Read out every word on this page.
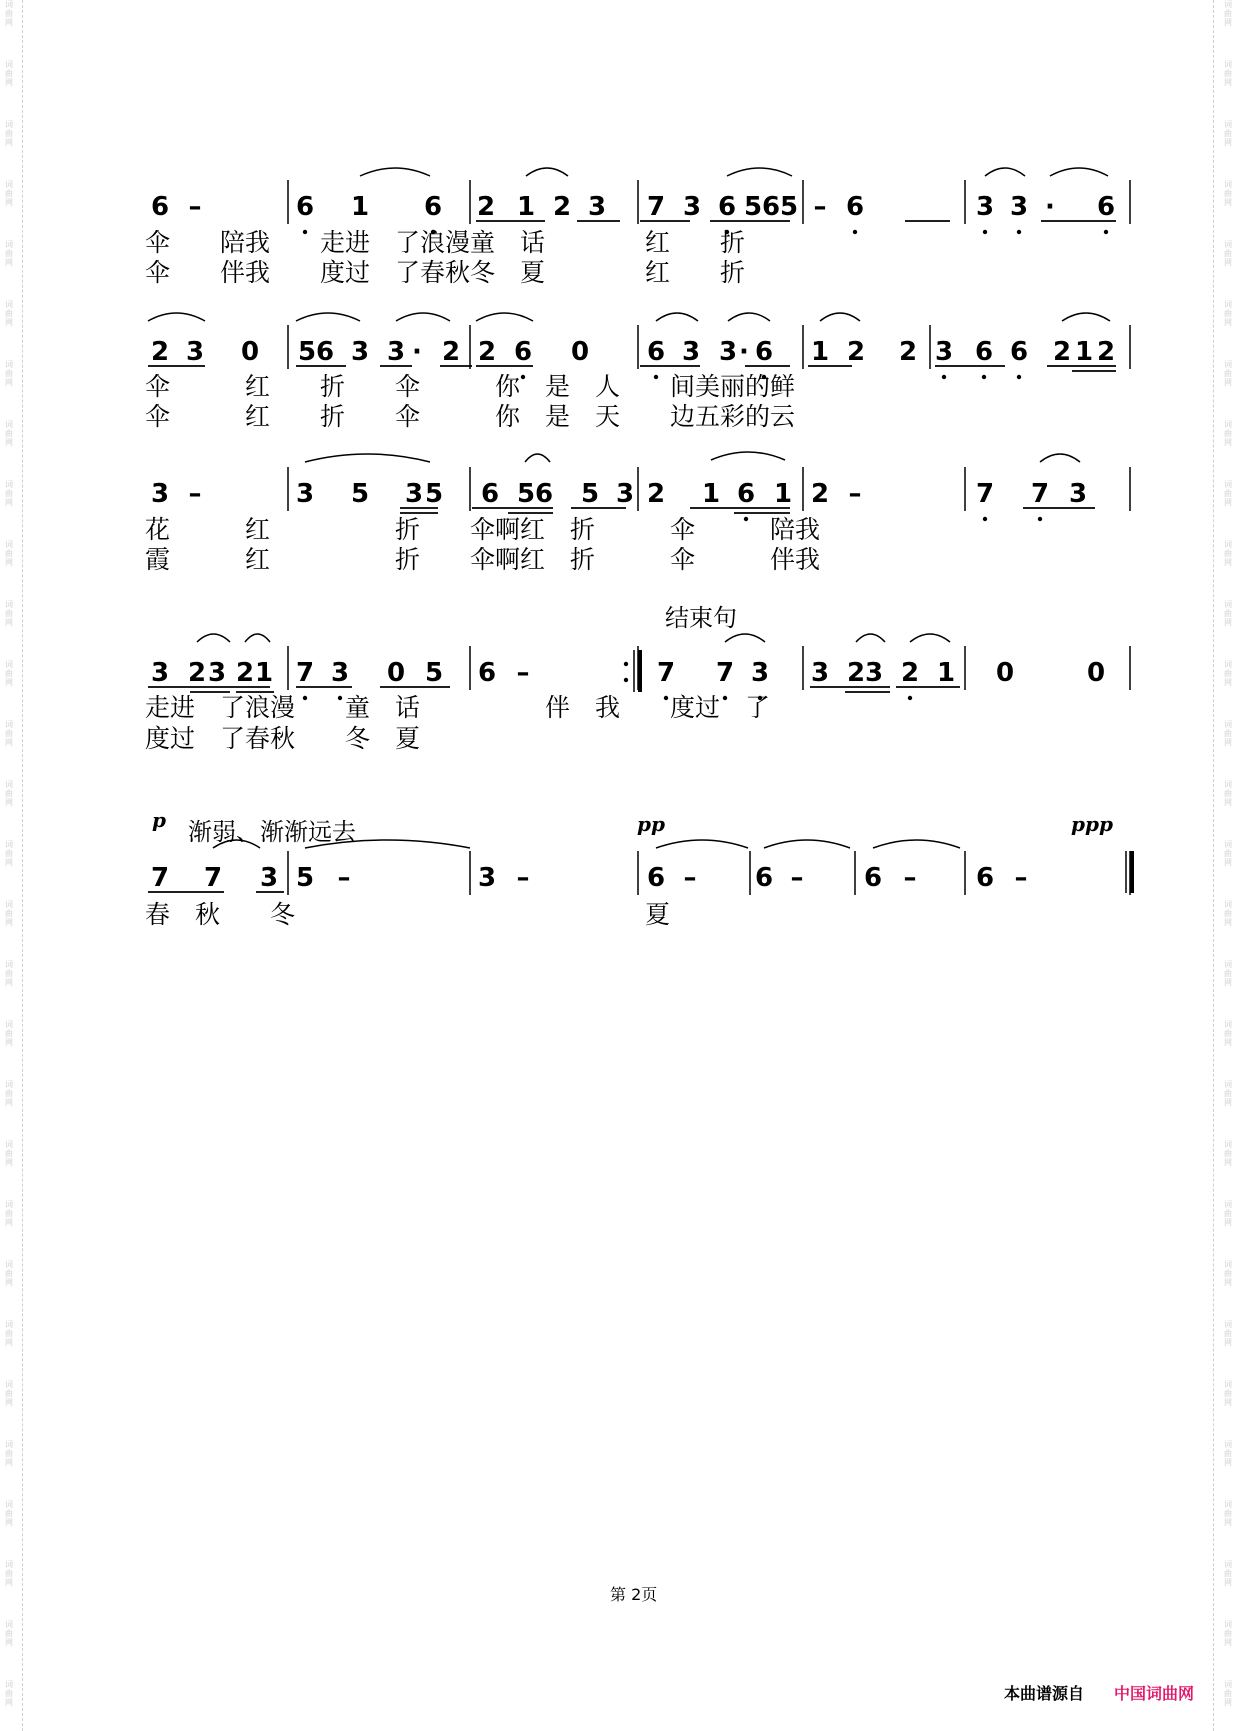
词
曲
网
词
曲
网
词
曲
网
词
曲
网
词
曲
网
词
曲
网
词
曲
网
词
曲
网
词
曲
网
词
曲
网
词
曲
网
词
曲
网
词
曲
网
词
曲
网
词
曲
网
词
曲
网
词
曲
网
词
曲
网
词
曲
网
词
曲
网
词
曲
网
词
曲
网
词
曲
网
词
曲
网
词
曲
网
词
曲
网
词
曲
网
词
曲
网
词
曲
网
词
曲
网
词
曲
网
词
曲
网
词
曲
网
词
曲
网
词
曲
网
词
曲
网
词
曲
网
词
曲
网
词
曲
网
词
曲
网
词
曲
网
词
曲
网
词
曲
网
词
曲
网
词
曲
网
词
曲
网
词
曲
网
词
曲
网
词
曲
网
词
曲
网
词
曲
网
词
曲
网
词
曲
网
词
曲
网
词
曲
网
词
曲
网
词
曲
网
词
曲
网
6 –	6 1 6 2 1 2 3 7 3 6 5 6 5 – 6	3 3 · 6
2 3 0 5 6 3 3 · 2 2 6 0 6 3 3 · 6 1 2 2 3 6 6 2 1 2
3 –	3 5 3 5 6 5 6 5 3 2 1 6 1 2 –	7 7 3
3 2 3 2 1 7 3 0 5 6 –	7 7 3 3 2 3 2 1 0	0
7 7 3 5 –	3 –	6 – 6 – 6 – 6 –
伞　　陪我　　走进　了浪漫童　话　　　　红　　折
伞　　伴我　　度过　了春秋冬　夏　　　　红　　折
伞　　　红　　折　　伞　　　你　是　人　　间美丽的鲜
伞　　　红　　折　　伞　　　你　是　天　　边五彩的云
花　　　红　　　　　折　　伞啊红　折　　　伞　　　陪我
霞　　　红　　　　　折　　伞啊红　折　　　伞　　　伴我
结束句
走进　了浪漫　　童　话　　　　　伴　我　　度过　了
度过　了春秋　　冬　夏
p 渐弱、渐渐远去	pp	ppp
春　秋　　冬　　　　　　　　　　　　　　夏
第 2页
本曲谱源自 中国词曲网
